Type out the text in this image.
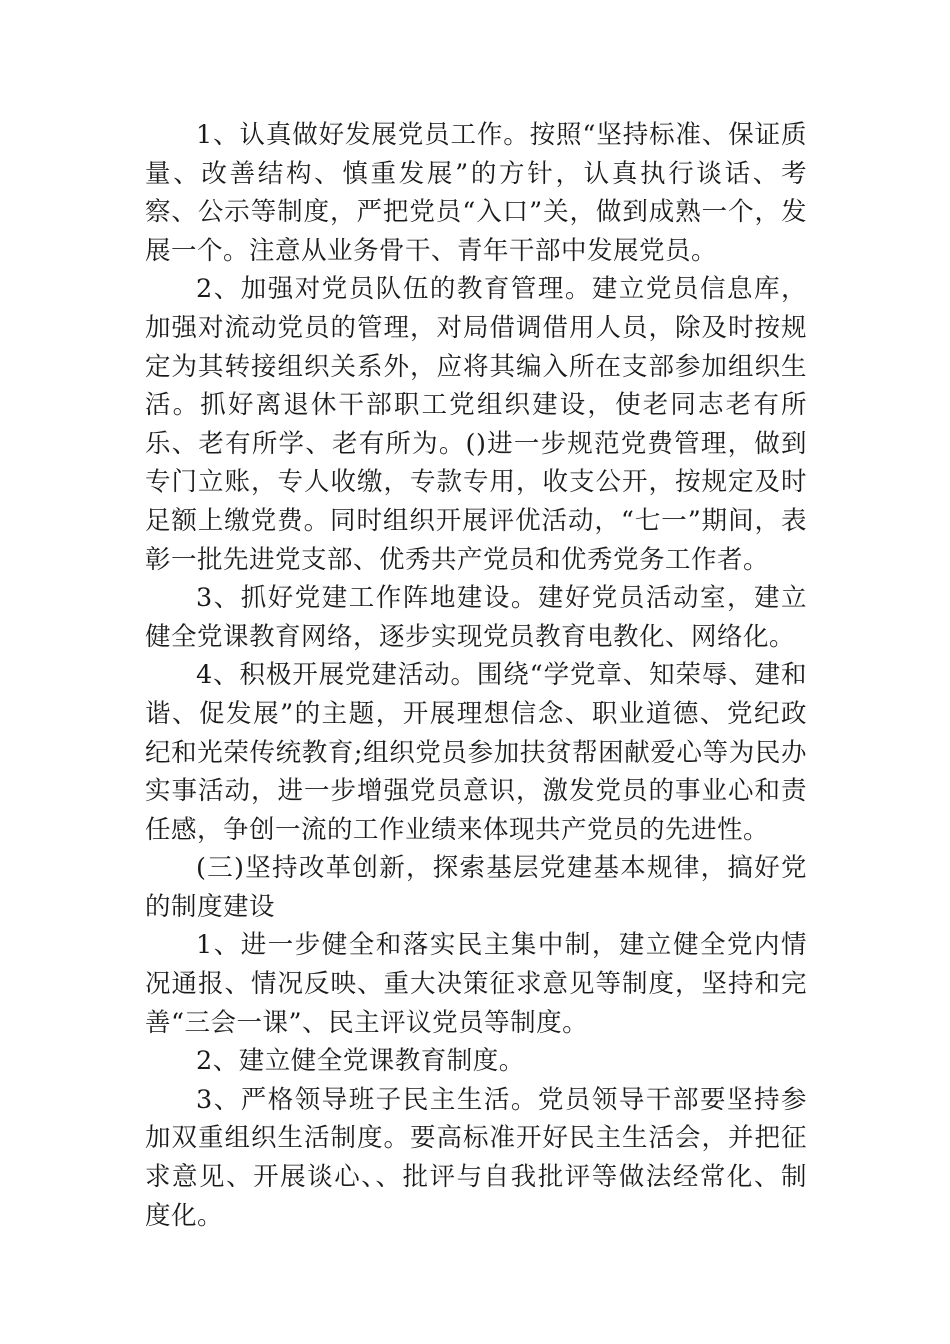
1、认真做好发展党员工作。按照“坚持标准、保证质量、改善结构、慎重发展”的方针，认真执行谈话、考察、公示等制度，严把党员“入口”关，做到成熟一个，发展一个。注意从业务骨干、青年干部中发展党员。

2、加强对党员队伍的教育管理。建立党员信息库，加强对流动党员的管理，对局借调借用人员，除及时按规定为其转接组织关系外，应将其编入所在支部参加组织生活。抓好离退休干部职工党组织建设，使老同志老有所乐、老有所学、老有所为。()进一步规范党费管理，做到专门立账，专人收缴，专款专用，收支公开，按规定及时足额上缴党费。同时组织开展评优活动，“七一”期间，表彰一批先进党支部、优秀共产党员和优秀党务工作者。

3、抓好党建工作阵地建设。建好党员活动室，建立健全党课教育网络，逐步实现党员教育电教化、网络化。

4、积极开展党建活动。围绕“学党章、知荣辱、建和谐、促发展”的主题，开展理想信念、职业道德、党纪政纪和光荣传统教育;组织党员参加扶贫帮困献爱心等为民办实事活动，进一步增强党员意识，激发党员的事业心和责任感，争创一流的工作业绩来体现共产党员的先进性。

(三)坚持改革创新，探索基层党建基本规律，搞好党的制度建设

1、进一步健全和落实民主集中制，建立健全党内情况通报、情况反映、重大决策征求意见等制度，坚持和完善“三会一课”、民主评议党员等制度。

2、建立健全党课教育制度。

3、严格领导班子民主生活。党员领导干部要坚持参加双重组织生活制度。要高标准开好民主生活会，并把征求意见、开展谈心、、批评与自我批评等做法经常化、制度化。
